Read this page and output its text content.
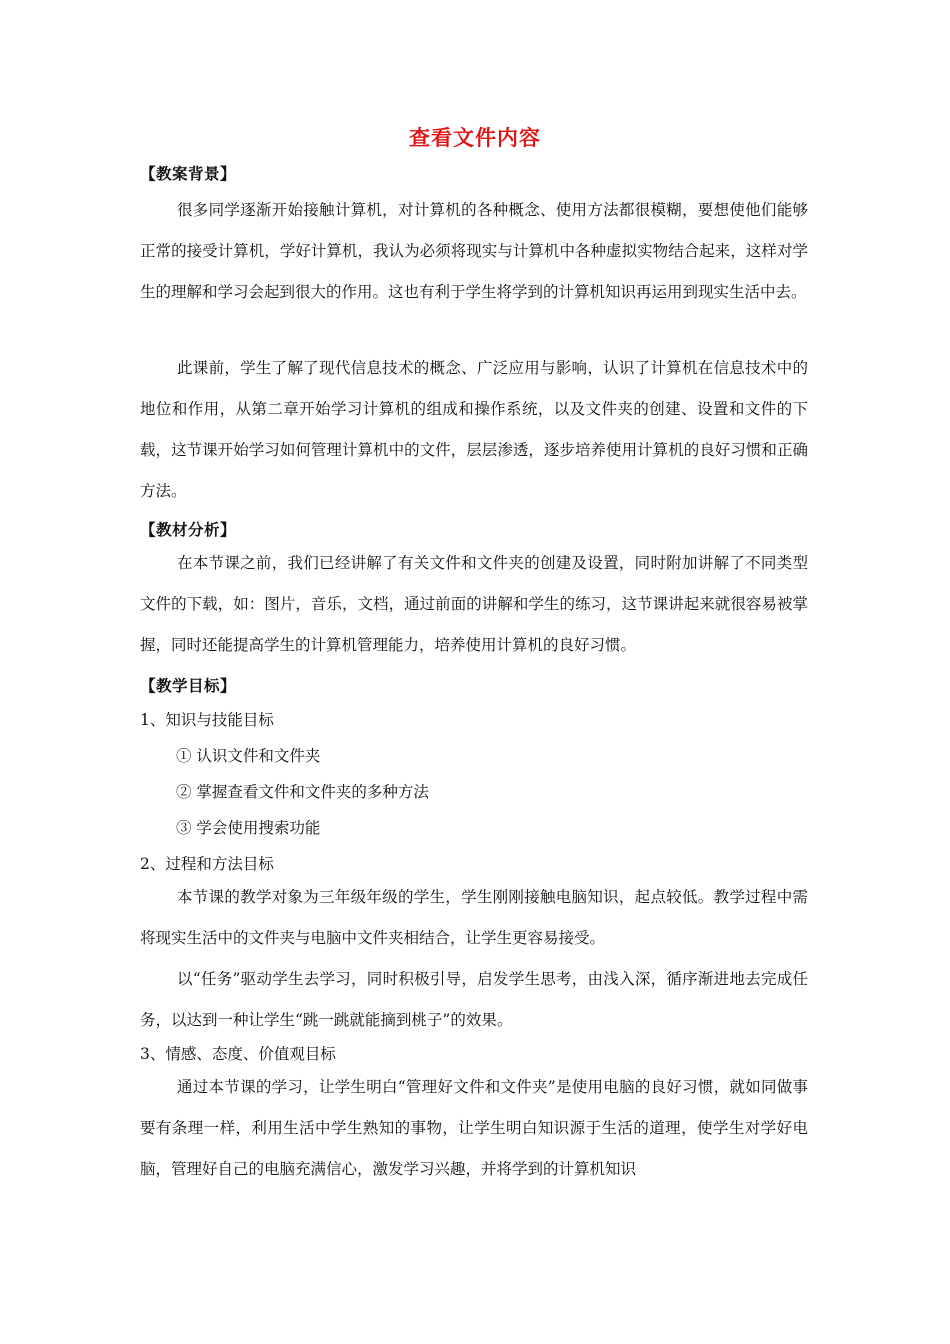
查看文件内容
【教案背景】

很多同学逐渐开始接触计算机，对计算机的各种概念、使用方法都很模糊，要想使他们能够正常的接受计算机，学好计算机，我认为必须将现实与计算机中各种虚拟实物结合起来，这样对学生的理解和学习会起到很大的作用。这也有利于学生将学到的计算机知识再运用到现实生活中去。

此课前，学生了解了现代信息技术的概念、广泛应用与影响，认识了计算机在信息技术中的地位和作用，从第二章开始学习计算机的组成和操作系统，以及文件夹的创建、设置和文件的下载，这节课开始学习如何管理计算机中的文件，层层渗透，逐步培养使用计算机的良好习惯和正确方法。

【教材分析】

在本节课之前，我们已经讲解了有关文件和文件夹的创建及设置，同时附加讲解了不同类型文件的下载，如：图片，音乐，文档，通过前面的讲解和学生的练习，这节课讲起来就很容易被掌握，同时还能提高学生的计算机管理能力，培养使用计算机的良好习惯。

【教学目标】

1、知识与技能目标

① 认识文件和文件夹

② 掌握查看文件和文件夹的多种方法

③ 学会使用搜索功能

2、过程和方法目标

本节课的教学对象为三年级年级的学生，学生刚刚接触电脑知识，起点较低。教学过程中需将现实生活中的文件夹与电脑中文件夹相结合，让学生更容易接受。

以“任务”驱动学生去学习，同时积极引导，启发学生思考，由浅入深，循序渐进地去完成任务，以达到一种让学生“跳一跳就能摘到桃子”的效果。

3、情感、态度、价值观目标

通过本节课的学习，让学生明白“管理好文件和文件夹”是使用电脑的良好习惯，就如同做事要有条理一样，利用生活中学生熟知的事物，让学生明白知识源于生活的道理，使学生对学好电脑，管理好自己的电脑充满信心，激发学习兴趣，并将学到的计算机知识
